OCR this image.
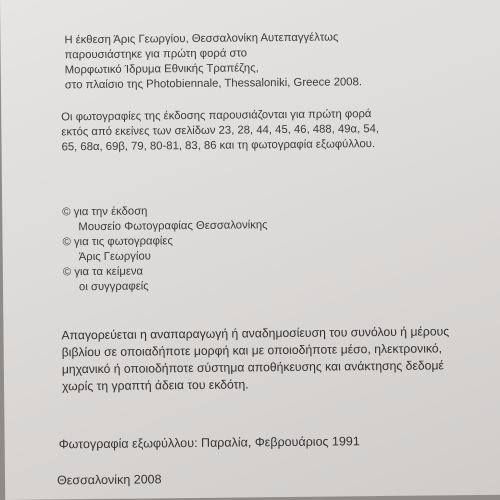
Η έκθεση Άρις Γεωργίου, Θεσσαλονίκη Αυτεπαγγέλτως
παρουσιάστηκε για πρώτη φορά στο
Μορφωτικό Ίδρυμα Εθνικής Τραπέζης,
στο πλαίσιο της Photobiennale, Thessaloniki, Greece 2008.
Οι φωτογραφίες της έκδοσης παρουσιάζονται για πρώτη φορά
εκτός από εκείνες των σελίδων 23, 28, 44, 45, 46, 488, 49α, 54,
65, 68α, 69β, 79, 80-81, 83, 86 και τη φωτογραφία εξωφύλλου.
© για την έκδοση
Μουσείο Φωτογραφίας Θεσσαλονίκης
© για τις φωτογραφίες
Άρις Γεωργίου
© για τα κείμενα
οι συγγραφείς
Απαγορεύεται η αναπαραγωγή ή αναδημοσίευση του συνόλου ή μέρους
βιβλίου σε οποιαδήποτε μορφή και με οποιοδήποτε μέσο, ηλεκτρονικό,
μηχανικό ή οποιοδήποτε σύστημα αποθήκευσης και ανάκτησης δεδομέ
χωρίς τη γραπτή άδεια του εκδότη.
Φωτογραφία εξωφύλλου: Παραλία, Φεβρουάριος 1991
Θεσσαλονίκη 2008
